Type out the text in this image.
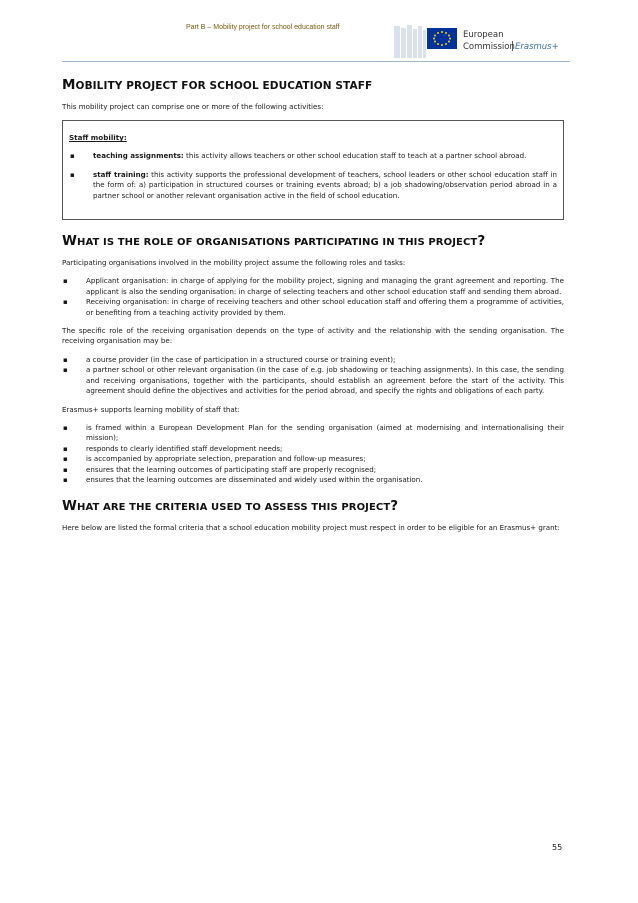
Part B – Mobility project for school education staff
European
Commission Erasmus+
MOBILITY PROJECT FOR SCHOOL EDUCATION STAFF

This mobility project can comprise one or more of the following activities:

Staff mobility:
▪	teaching assignments: this activity allows teachers or other school education staff to teach at a partner school abroad.
▪	staff training: this activity supports the professional development of teachers, school leaders or other school education staff in the form of: a) participation in structured courses or training events abroad; b) a job shadowing/observation period abroad in a partner school or another relevant organisation active in the field of school education.
WHAT IS THE ROLE OF ORGANISATIONS PARTICIPATING IN THIS PROJECT?

Participating organisations involved in the mobility project assume the following roles and tasks:

▪	Applicant organisation: in charge of applying for the mobility project, signing and managing the grant agreement and reporting. The applicant is also the sending organisation: in charge of selecting teachers and other school education staff and sending them abroad.
▪	Receiving organisation: in charge of receiving teachers and other school education staff and offering them a programme of activities, or benefiting from a teaching activity provided by them.

The specific role of the receiving organisation depends on the type of activity and the relationship with the sending organisation. The receiving organisation may be:

▪	a course provider (in the case of participation in a structured course or training event);
▪	a partner school or other relevant organisation (in the case of e.g. job shadowing or teaching assignments). In this case, the sending and receiving organisations, together with the participants, should establish an agreement before the start of the activity. This agreement should define the objectives and activities for the period abroad, and specify the rights and obligations of each party.

Erasmus+ supports learning mobility of staff that:

▪	is framed within a European Development Plan for the sending organisation (aimed at modernising and internationalising their mission);
▪	responds to clearly identified staff development needs;
▪	is accompanied by appropriate selection, preparation and follow-up measures;
▪	ensures that the learning outcomes of participating staff are properly recognised;
▪	ensures that the learning outcomes are disseminated and widely used within the organisation.
WHAT ARE THE CRITERIA USED TO ASSESS THIS PROJECT?

Here below are listed the formal criteria that a school education mobility project must respect in order to be eligible for an Erasmus+ grant:

55
